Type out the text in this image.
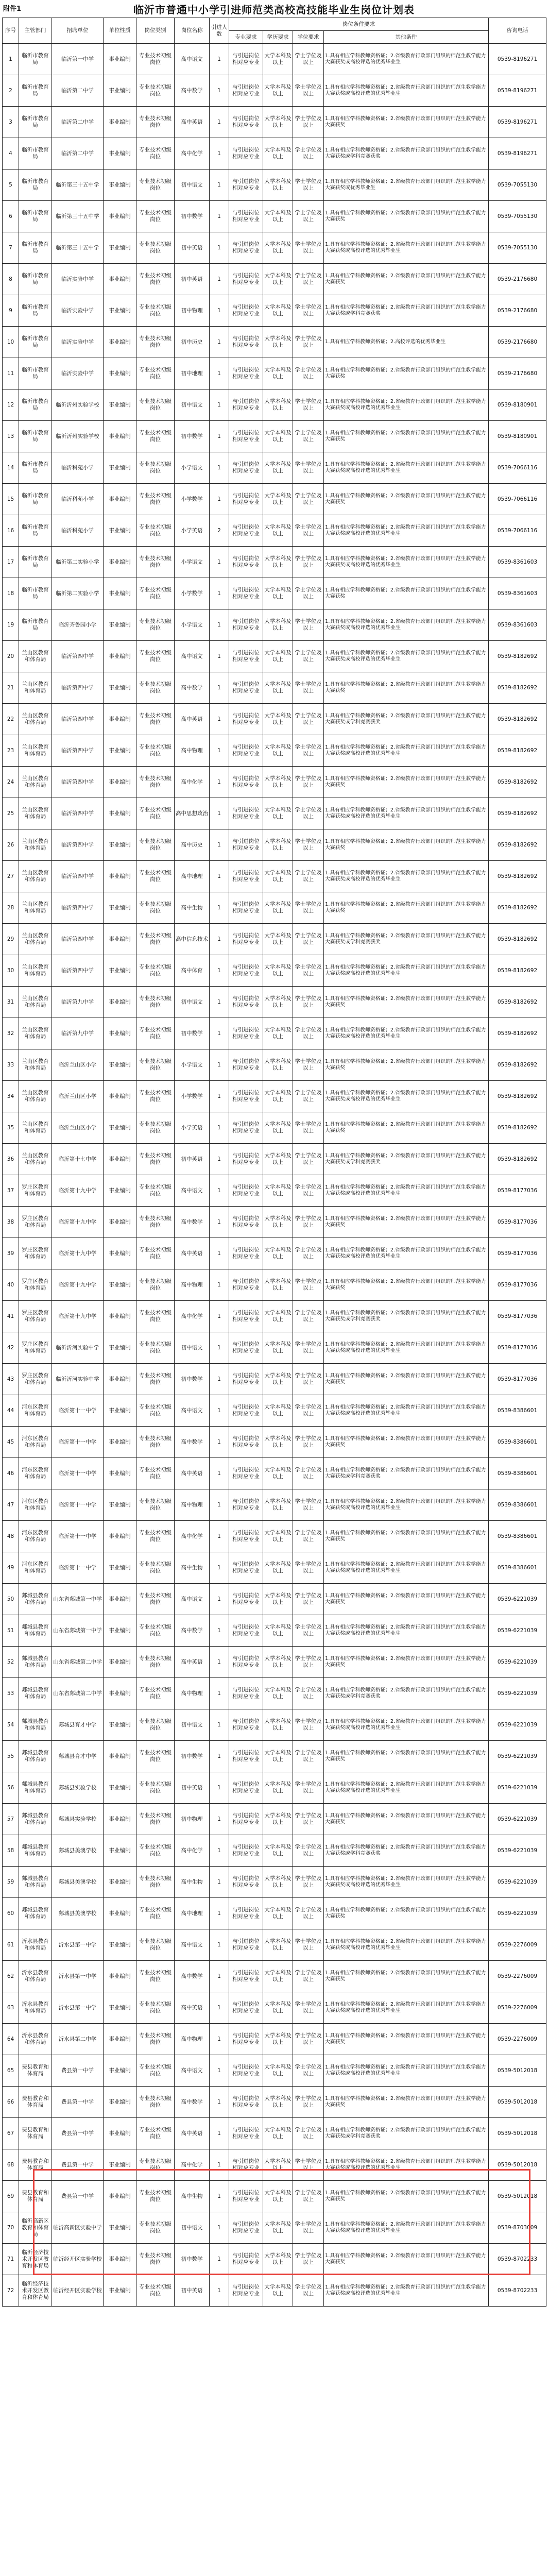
附件1	临沂市普通中小学引进师范类高校高技能毕业生岗位计划表
序号	主管部门	招聘单位	单位性质	岗位类别	岗位名称	引进人数	岗位条件要求				咨询电话
							专业要求	学历要求	学位要求	其他条件	
1	临沂市教育局	临沂第一中学	事业编制	专业技术初级岗位	高中语文	1	与引进岗位相对应专业	大学本科及以上	学士学位及以上	1.具有相应学科教师资格证；2.省级教育行政部门组织的师范生教学能力大赛获奖或高校评选的优秀毕业生	0539-8196271
2	临沂市教育局	临沂第二中学	事业编制	专业技术初级岗位	高中数学	1	与引进岗位相对应专业	大学本科及以上	学士学位及以上	1.具有相应学科教师资格证；2.省级教育行政部门组织的师范生教学能力大赛获奖或高校评选的优秀毕业生	0539-8196271
3	临沂市教育局	临沂第二中学	事业编制	专业技术初级岗位	高中英语	1	与引进岗位相对应专业	大学本科及以上	学士学位及以上	1.具有相应学科教师资格证；2.省级教育行政部门组织的师范生教学能力大赛获奖	0539-8196271
4	临沂市教育局	临沂第二中学	事业编制	专业技术初级岗位	高中化学	1	与引进岗位相对应专业	大学本科及以上	学士学位及以上	1.具有相应学科教师资格证；2.省级教育行政部门组织的师范生教学能力大赛获奖或学科竞赛获奖	0539-8196271
5	临沂市教育局	临沂第三十五中学	事业编制	专业技术初级岗位	初中语文	1	与引进岗位相对应专业	大学本科及以上	学士学位及以上	1.具有相应学科教师资格证；2.省级教育行政部门组织的师范生教学能力大赛获奖或优秀毕业生	0539-7055130
6	临沂市教育局	临沂第三十五中学	事业编制	专业技术初级岗位	初中数学	1	与引进岗位相对应专业	大学本科及以上	学士学位及以上	1.具有相应学科教师资格证；2.省级教育行政部门组织的师范生教学能力大赛获奖	0539-7055130
7	临沂市教育局	临沂第三十五中学	事业编制	专业技术初级岗位	初中英语	1	与引进岗位相对应专业	大学本科及以上	学士学位及以上	1.具有相应学科教师资格证；2.省级教育行政部门组织的师范生教学能力大赛获奖或高校评选的优秀毕业生	0539-7055130
8	临沂市教育局	临沂实验中学	事业编制	专业技术初级岗位	初中英语	1	与引进岗位相对应专业	大学本科及以上	学士学位及以上	1.具有相应学科教师资格证；2.省级教育行政部门组织的师范生教学能力大赛获奖	0539-2176680
9	临沂市教育局	临沂实验中学	事业编制	专业技术初级岗位	初中物理	1	与引进岗位相对应专业	大学本科及以上	学士学位及以上	1.具有相应学科教师资格证；2.省级教育行政部门组织的师范生教学能力大赛获奖或学科竞赛获奖	0539-2176680
10	临沂市教育局	临沂实验中学	事业编制	专业技术初级岗位	初中历史	1	与引进岗位相对应专业	大学本科及以上	学士学位及以上	1.具有相应学科教师资格证；2.高校评选的优秀毕业生	0539-2176680
11	临沂市教育局	临沂实验中学	事业编制	专业技术初级岗位	初中地理	1	与引进岗位相对应专业	大学本科及以上	学士学位及以上	1.具有相应学科教师资格证；2.省级教育行政部门组织的师范生教学能力大赛获奖	0539-2176680
12	临沂市教育局	临沂沂州实验学校	事业编制	专业技术初级岗位	初中语文	1	与引进岗位相对应专业	大学本科及以上	学士学位及以上	1.具有相应学科教师资格证；2.省级教育行政部门组织的师范生教学能力大赛获奖或高校评选的优秀毕业生	0539-8180901
13	临沂市教育局	临沂沂州实验学校	事业编制	专业技术初级岗位	初中数学	1	与引进岗位相对应专业	大学本科及以上	学士学位及以上	1.具有相应学科教师资格证；2.省级教育行政部门组织的师范生教学能力大赛获奖	0539-8180901
14	临沂市教育局	临沂科苑小学	事业编制	专业技术初级岗位	小学语文	1	与引进岗位相对应专业	大学本科及以上	学士学位及以上	1.具有相应学科教师资格证；2.省级教育行政部门组织的师范生教学能力大赛获奖或高校评选的优秀毕业生	0539-7066116
15	临沂市教育局	临沂科苑小学	事业编制	专业技术初级岗位	小学数学	1	与引进岗位相对应专业	大学本科及以上	学士学位及以上	1.具有相应学科教师资格证；2.省级教育行政部门组织的师范生教学能力大赛获奖	0539-7066116
16	临沂市教育局	临沂科苑小学	事业编制	专业技术初级岗位	小学英语	2	与引进岗位相对应专业	大学本科及以上	学士学位及以上	1.具有相应学科教师资格证；2.省级教育行政部门组织的师范生教学能力大赛获奖或高校评选的优秀毕业生	0539-7066116
17	临沂市教育局	临沂第二实验小学	事业编制	专业技术初级岗位	小学语文	1	与引进岗位相对应专业	大学本科及以上	学士学位及以上	1.具有相应学科教师资格证；2.省级教育行政部门组织的师范生教学能力大赛获奖或高校评选的优秀毕业生	0539-8361603
18	临沂市教育局	临沂第二实验小学	事业编制	专业技术初级岗位	小学数学	1	与引进岗位相对应专业	大学本科及以上	学士学位及以上	1.具有相应学科教师资格证；2.省级教育行政部门组织的师范生教学能力大赛获奖	0539-8361603
19	临沂市教育局	临沂齐鲁园小学	事业编制	专业技术初级岗位	小学语文	1	与引进岗位相对应专业	大学本科及以上	学士学位及以上	1.具有相应学科教师资格证；2.省级教育行政部门组织的师范生教学能力大赛获奖或高校评选的优秀毕业生	0539-8361603
20	兰山区教育和体育局	临沂第四中学	事业编制	专业技术初级岗位	高中语文	1	与引进岗位相对应专业	大学本科及以上	学士学位及以上	1.具有相应学科教师资格证；2.省级教育行政部门组织的师范生教学能力大赛获奖或高校评选的优秀毕业生	0539-8182692
21	兰山区教育和体育局	临沂第四中学	事业编制	专业技术初级岗位	高中数学	1	与引进岗位相对应专业	大学本科及以上	学士学位及以上	1.具有相应学科教师资格证；2.省级教育行政部门组织的师范生教学能力大赛获奖	0539-8182692
22	兰山区教育和体育局	临沂第四中学	事业编制	专业技术初级岗位	高中英语	1	与引进岗位相对应专业	大学本科及以上	学士学位及以上	1.具有相应学科教师资格证；2.省级教育行政部门组织的师范生教学能力大赛获奖或学科竞赛获奖	0539-8182692
23	兰山区教育和体育局	临沂第四中学	事业编制	专业技术初级岗位	高中物理	1	与引进岗位相对应专业	大学本科及以上	学士学位及以上	1.具有相应学科教师资格证；2.省级教育行政部门组织的师范生教学能力大赛获奖或高校评选的优秀毕业生	0539-8182692
24	兰山区教育和体育局	临沂第四中学	事业编制	专业技术初级岗位	高中化学	1	与引进岗位相对应专业	大学本科及以上	学士学位及以上	1.具有相应学科教师资格证；2.省级教育行政部门组织的师范生教学能力大赛获奖	0539-8182692
25	兰山区教育和体育局	临沂第四中学	事业编制	专业技术初级岗位	高中思想政治	1	与引进岗位相对应专业	大学本科及以上	学士学位及以上	1.具有相应学科教师资格证；2.省级教育行政部门组织的师范生教学能力大赛获奖或高校评选的优秀毕业生	0539-8182692
26	兰山区教育和体育局	临沂第四中学	事业编制	专业技术初级岗位	高中历史	1	与引进岗位相对应专业	大学本科及以上	学士学位及以上	1.具有相应学科教师资格证；2.省级教育行政部门组织的师范生教学能力大赛获奖	0539-8182692
27	兰山区教育和体育局	临沂第四中学	事业编制	专业技术初级岗位	高中地理	1	与引进岗位相对应专业	大学本科及以上	学士学位及以上	1.具有相应学科教师资格证；2.省级教育行政部门组织的师范生教学能力大赛获奖或高校评选的优秀毕业生	0539-8182692
28	兰山区教育和体育局	临沂第四中学	事业编制	专业技术初级岗位	高中生物	1	与引进岗位相对应专业	大学本科及以上	学士学位及以上	1.具有相应学科教师资格证；2.省级教育行政部门组织的师范生教学能力大赛获奖	0539-8182692
29	兰山区教育和体育局	临沂第四中学	事业编制	专业技术初级岗位	高中信息技术	1	与引进岗位相对应专业	大学本科及以上	学士学位及以上	1.具有相应学科教师资格证；2.省级教育行政部门组织的师范生教学能力大赛获奖或学科竞赛获奖	0539-8182692
30	兰山区教育和体育局	临沂第四中学	事业编制	专业技术初级岗位	高中体育	1	与引进岗位相对应专业	大学本科及以上	学士学位及以上	1.具有相应学科教师资格证；2.省级教育行政部门组织的师范生教学能力大赛获奖或高校评选的优秀毕业生	0539-8182692
31	兰山区教育和体育局	临沂第九中学	事业编制	专业技术初级岗位	初中语文	1	与引进岗位相对应专业	大学本科及以上	学士学位及以上	1.具有相应学科教师资格证；2.省级教育行政部门组织的师范生教学能力大赛获奖	0539-8182692
32	兰山区教育和体育局	临沂第九中学	事业编制	专业技术初级岗位	初中数学	1	与引进岗位相对应专业	大学本科及以上	学士学位及以上	1.具有相应学科教师资格证；2.省级教育行政部门组织的师范生教学能力大赛获奖或高校评选的优秀毕业生	0539-8182692
33	兰山区教育和体育局	临沂兰山区小学	事业编制	专业技术初级岗位	小学语文	1	与引进岗位相对应专业	大学本科及以上	学士学位及以上	1.具有相应学科教师资格证；2.省级教育行政部门组织的师范生教学能力大赛获奖	0539-8182692
34	兰山区教育和体育局	临沂兰山区小学	事业编制	专业技术初级岗位	小学数学	1	与引进岗位相对应专业	大学本科及以上	学士学位及以上	1.具有相应学科教师资格证；2.省级教育行政部门组织的师范生教学能力大赛获奖或高校评选的优秀毕业生	0539-8182692
35	兰山区教育和体育局	临沂兰山区小学	事业编制	专业技术初级岗位	小学英语	1	与引进岗位相对应专业	大学本科及以上	学士学位及以上	1.具有相应学科教师资格证；2.省级教育行政部门组织的师范生教学能力大赛获奖	0539-8182692
36	兰山区教育和体育局	临沂第十七中学	事业编制	专业技术初级岗位	初中英语	1	与引进岗位相对应专业	大学本科及以上	学士学位及以上	1.具有相应学科教师资格证；2.省级教育行政部门组织的师范生教学能力大赛获奖或学科竞赛获奖	0539-8182692
37	罗庄区教育和体育局	临沂第十九中学	事业编制	专业技术初级岗位	高中语文	1	与引进岗位相对应专业	大学本科及以上	学士学位及以上	1.具有相应学科教师资格证；2.省级教育行政部门组织的师范生教学能力大赛获奖或高校评选的优秀毕业生	0539-8177036
38	罗庄区教育和体育局	临沂第十九中学	事业编制	专业技术初级岗位	高中数学	1	与引进岗位相对应专业	大学本科及以上	学士学位及以上	1.具有相应学科教师资格证；2.省级教育行政部门组织的师范生教学能力大赛获奖	0539-8177036
39	罗庄区教育和体育局	临沂第十九中学	事业编制	专业技术初级岗位	高中英语	1	与引进岗位相对应专业	大学本科及以上	学士学位及以上	1.具有相应学科教师资格证；2.省级教育行政部门组织的师范生教学能力大赛获奖或高校评选的优秀毕业生	0539-8177036
40	罗庄区教育和体育局	临沂第十九中学	事业编制	专业技术初级岗位	高中物理	1	与引进岗位相对应专业	大学本科及以上	学士学位及以上	1.具有相应学科教师资格证；2.省级教育行政部门组织的师范生教学能力大赛获奖	0539-8177036
41	罗庄区教育和体育局	临沂第十九中学	事业编制	专业技术初级岗位	高中化学	1	与引进岗位相对应专业	大学本科及以上	学士学位及以上	1.具有相应学科教师资格证；2.省级教育行政部门组织的师范生教学能力大赛获奖或学科竞赛获奖	0539-8177036
42	罗庄区教育和体育局	临沂沂河实验中学	事业编制	专业技术初级岗位	初中语文	1	与引进岗位相对应专业	大学本科及以上	学士学位及以上	1.具有相应学科教师资格证；2.省级教育行政部门组织的师范生教学能力大赛获奖或高校评选的优秀毕业生	0539-8177036
43	罗庄区教育和体育局	临沂沂河实验中学	事业编制	专业技术初级岗位	初中数学	1	与引进岗位相对应专业	大学本科及以上	学士学位及以上	1.具有相应学科教师资格证；2.省级教育行政部门组织的师范生教学能力大赛获奖	0539-8177036
44	河东区教育和体育局	临沂第十一中学	事业编制	专业技术初级岗位	高中语文	1	与引进岗位相对应专业	大学本科及以上	学士学位及以上	1.具有相应学科教师资格证；2.省级教育行政部门组织的师范生教学能力大赛获奖或高校评选的优秀毕业生	0539-8386601
45	河东区教育和体育局	临沂第十一中学	事业编制	专业技术初级岗位	高中数学	1	与引进岗位相对应专业	大学本科及以上	学士学位及以上	1.具有相应学科教师资格证；2.省级教育行政部门组织的师范生教学能力大赛获奖	0539-8386601
46	河东区教育和体育局	临沂第十一中学	事业编制	专业技术初级岗位	高中英语	1	与引进岗位相对应专业	大学本科及以上	学士学位及以上	1.具有相应学科教师资格证；2.省级教育行政部门组织的师范生教学能力大赛获奖或学科竞赛获奖	0539-8386601
47	河东区教育和体育局	临沂第十一中学	事业编制	专业技术初级岗位	高中物理	1	与引进岗位相对应专业	大学本科及以上	学士学位及以上	1.具有相应学科教师资格证；2.省级教育行政部门组织的师范生教学能力大赛获奖或高校评选的优秀毕业生	0539-8386601
48	河东区教育和体育局	临沂第十一中学	事业编制	专业技术初级岗位	高中化学	1	与引进岗位相对应专业	大学本科及以上	学士学位及以上	1.具有相应学科教师资格证；2.省级教育行政部门组织的师范生教学能力大赛获奖	0539-8386601
49	河东区教育和体育局	临沂第十一中学	事业编制	专业技术初级岗位	高中生物	1	与引进岗位相对应专业	大学本科及以上	学士学位及以上	1.具有相应学科教师资格证；2.省级教育行政部门组织的师范生教学能力大赛获奖或高校评选的优秀毕业生	0539-8386601
50	郯城县教育和体育局	山东省郯城第一中学	事业编制	专业技术初级岗位	高中语文	1	与引进岗位相对应专业	大学本科及以上	学士学位及以上	1.具有相应学科教师资格证；2.省级教育行政部门组织的师范生教学能力大赛获奖	0539-6221039
51	郯城县教育和体育局	山东省郯城第一中学	事业编制	专业技术初级岗位	高中数学	1	与引进岗位相对应专业	大学本科及以上	学士学位及以上	1.具有相应学科教师资格证；2.省级教育行政部门组织的师范生教学能力大赛获奖或高校评选的优秀毕业生	0539-6221039
52	郯城县教育和体育局	山东省郯城第二中学	事业编制	专业技术初级岗位	高中英语	1	与引进岗位相对应专业	大学本科及以上	学士学位及以上	1.具有相应学科教师资格证；2.省级教育行政部门组织的师范生教学能力大赛获奖	0539-6221039
53	郯城县教育和体育局	山东省郯城第二中学	事业编制	专业技术初级岗位	高中物理	1	与引进岗位相对应专业	大学本科及以上	学士学位及以上	1.具有相应学科教师资格证；2.省级教育行政部门组织的师范生教学能力大赛获奖或学科竞赛获奖	0539-6221039
54	郯城县教育和体育局	郯城县育才中学	事业编制	专业技术初级岗位	初中语文	1	与引进岗位相对应专业	大学本科及以上	学士学位及以上	1.具有相应学科教师资格证；2.省级教育行政部门组织的师范生教学能力大赛获奖或高校评选的优秀毕业生	0539-6221039
55	郯城县教育和体育局	郯城县育才中学	事业编制	专业技术初级岗位	初中数学	1	与引进岗位相对应专业	大学本科及以上	学士学位及以上	1.具有相应学科教师资格证；2.省级教育行政部门组织的师范生教学能力大赛获奖	0539-6221039
56	郯城县教育和体育局	郯城县实验学校	事业编制	专业技术初级岗位	初中英语	1	与引进岗位相对应专业	大学本科及以上	学士学位及以上	1.具有相应学科教师资格证；2.省级教育行政部门组织的师范生教学能力大赛获奖或高校评选的优秀毕业生	0539-6221039
57	郯城县教育和体育局	郯城县实验学校	事业编制	专业技术初级岗位	初中物理	1	与引进岗位相对应专业	大学本科及以上	学士学位及以上	1.具有相应学科教师资格证；2.省级教育行政部门组织的师范生教学能力大赛获奖	0539-6221039
58	郯城县教育和体育局	郯城县美澳学校	事业编制	专业技术初级岗位	高中化学	1	与引进岗位相对应专业	大学本科及以上	学士学位及以上	1.具有相应学科教师资格证；2.省级教育行政部门组织的师范生教学能力大赛获奖或学科竞赛获奖	0539-6221039
59	郯城县教育和体育局	郯城县美澳学校	事业编制	专业技术初级岗位	高中生物	1	与引进岗位相对应专业	大学本科及以上	学士学位及以上	1.具有相应学科教师资格证；2.省级教育行政部门组织的师范生教学能力大赛获奖或高校评选的优秀毕业生	0539-6221039
60	郯城县教育和体育局	郯城县美澳学校	事业编制	专业技术初级岗位	高中地理	1	与引进岗位相对应专业	大学本科及以上	学士学位及以上	1.具有相应学科教师资格证；2.省级教育行政部门组织的师范生教学能力大赛获奖	0539-6221039
61	沂水县教育和体育局	沂水县第一中学	事业编制	专业技术初级岗位	高中语文	1	与引进岗位相对应专业	大学本科及以上	学士学位及以上	1.具有相应学科教师资格证；2.省级教育行政部门组织的师范生教学能力大赛获奖或高校评选的优秀毕业生	0539-2276009
62	沂水县教育和体育局	沂水县第一中学	事业编制	专业技术初级岗位	高中数学	1	与引进岗位相对应专业	大学本科及以上	学士学位及以上	1.具有相应学科教师资格证；2.省级教育行政部门组织的师范生教学能力大赛获奖	0539-2276009
63	沂水县教育和体育局	沂水县第一中学	事业编制	专业技术初级岗位	高中英语	1	与引进岗位相对应专业	大学本科及以上	学士学位及以上	1.具有相应学科教师资格证；2.省级教育行政部门组织的师范生教学能力大赛获奖或高校评选的优秀毕业生	0539-2276009
64	沂水县教育和体育局	沂水县第二中学	事业编制	专业技术初级岗位	高中物理	1	与引进岗位相对应专业	大学本科及以上	学士学位及以上	1.具有相应学科教师资格证；2.省级教育行政部门组织的师范生教学能力大赛获奖	0539-2276009
65	费县教育和体育局	费县第一中学	事业编制	专业技术初级岗位	高中语文	1	与引进岗位相对应专业	大学本科及以上	学士学位及以上	1.具有相应学科教师资格证；2.省级教育行政部门组织的师范生教学能力大赛获奖或高校评选的优秀毕业生	0539-5012018
66	费县教育和体育局	费县第一中学	事业编制	专业技术初级岗位	高中数学	1	与引进岗位相对应专业	大学本科及以上	学士学位及以上	1.具有相应学科教师资格证；2.省级教育行政部门组织的师范生教学能力大赛获奖	0539-5012018
67	费县教育和体育局	费县第一中学	事业编制	专业技术初级岗位	高中英语	1	与引进岗位相对应专业	大学本科及以上	学士学位及以上	1.具有相应学科教师资格证；2.省级教育行政部门组织的师范生教学能力大赛获奖或学科竞赛获奖	0539-5012018
68	费县教育和体育局	费县第一中学	事业编制	专业技术初级岗位	高中化学	1	与引进岗位相对应专业	大学本科及以上	学士学位及以上	1.具有相应学科教师资格证；2.省级教育行政部门组织的师范生教学能力大赛获奖或高校评选的优秀毕业生	0539-5012018
69	费县教育和体育局	费县第一中学	事业编制	专业技术初级岗位	高中生物	1	与引进岗位相对应专业	大学本科及以上	学士学位及以上	1.具有相应学科教师资格证；2.省级教育行政部门组织的师范生教学能力大赛获奖	0539-5012018
70	临沂高新区教育和体育局	临沂高新区实验中学	事业编制	专业技术初级岗位	初中语文	1	与引进岗位相对应专业	大学本科及以上	学士学位及以上	1.具有相应学科教师资格证；2.省级教育行政部门组织的师范生教学能力大赛获奖或高校评选的优秀毕业生	0539-8703009
71	临沂经济技术开发区教育和体育局	临沂经开区实验学校	事业编制	专业技术初级岗位	初中数学	1	与引进岗位相对应专业	大学本科及以上	学士学位及以上	1.具有相应学科教师资格证；2.省级教育行政部门组织的师范生教学能力大赛获奖	0539-8702233
72	临沂经济技术开发区教育和体育局	临沂经开区实验学校	事业编制	专业技术初级岗位	初中英语	1	与引进岗位相对应专业	大学本科及以上	学士学位及以上	1.具有相应学科教师资格证；2.省级教育行政部门组织的师范生教学能力大赛获奖或高校评选的优秀毕业生	0539-8702233
